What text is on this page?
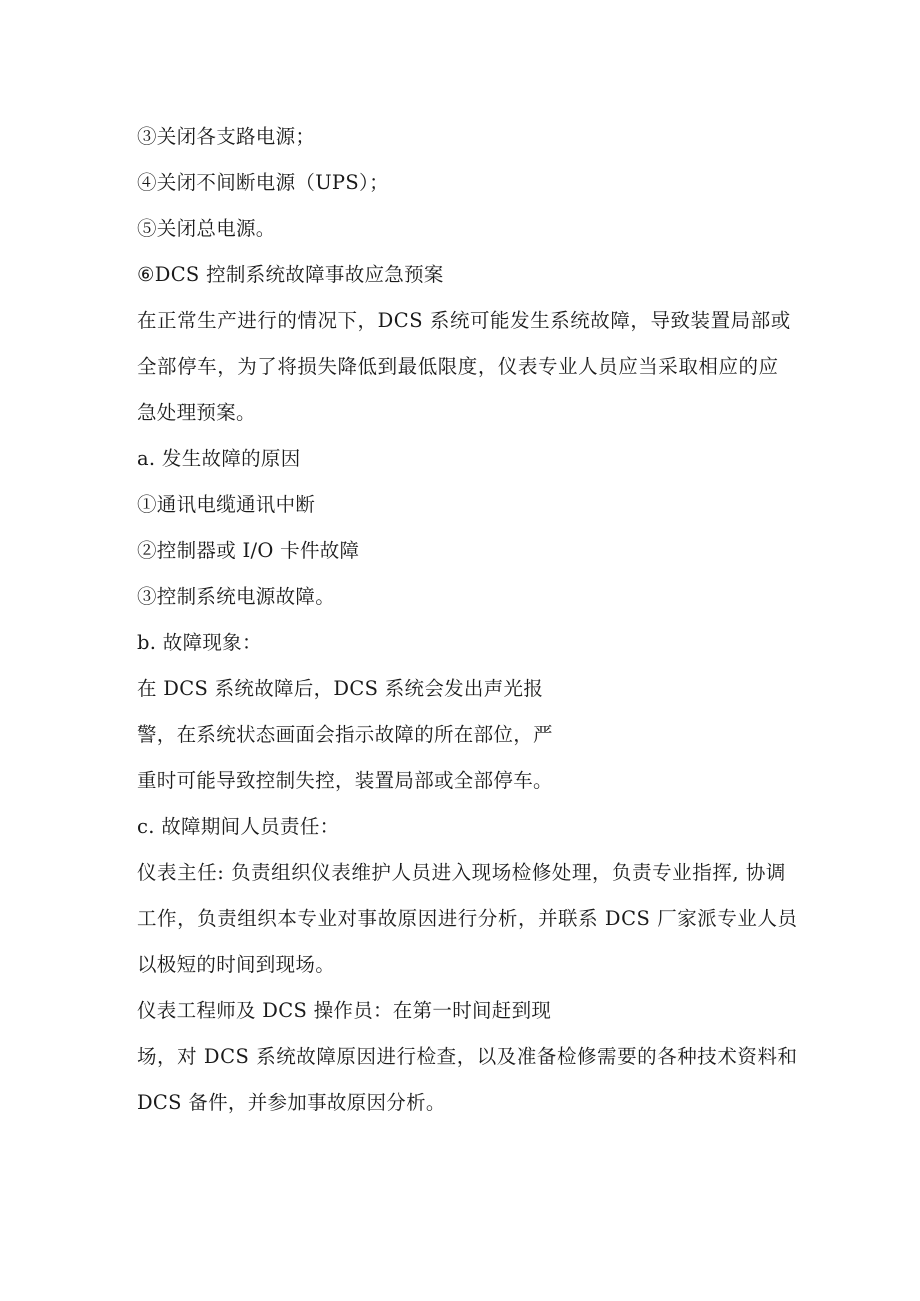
③关闭各支路电源；
④关闭不间断电源（UPS）；
⑤关闭总电源。
⑥DCS 控制系统故障事故应急预案
在正常生产进行的情况下，DCS 系统可能发生系统故障，导致装置局部或
全部停车，为了将损失降低到最低限度，仪表专业人员应当采取相应的应
急处理预案。
a. 发生故障的原因
①通讯电缆通讯中断
②控制器或 I/O 卡件故障
③控制系统电源故障。
b. 故障现象：
在 DCS 系统故障后，DCS 系统会发出声光报
警，在系统状态画面会指示故障的所在部位，严
重时可能导致控制失控，装置局部或全部停车。
c. 故障期间人员责任：
仪表主任: 负责组织仪表维护人员进入现场检修处理，负责专业指挥, 协调
工作，负责组织本专业对事故原因进行分析，并联系 DCS 厂家派专业人员
以极短的时间到现场。
仪表工程师及 DCS 操作员：在第一时间赶到现
场，对 DCS 系统故障原因进行检查，以及准备检修需要的各种技术资料和
DCS 备件，并参加事故原因分析。
